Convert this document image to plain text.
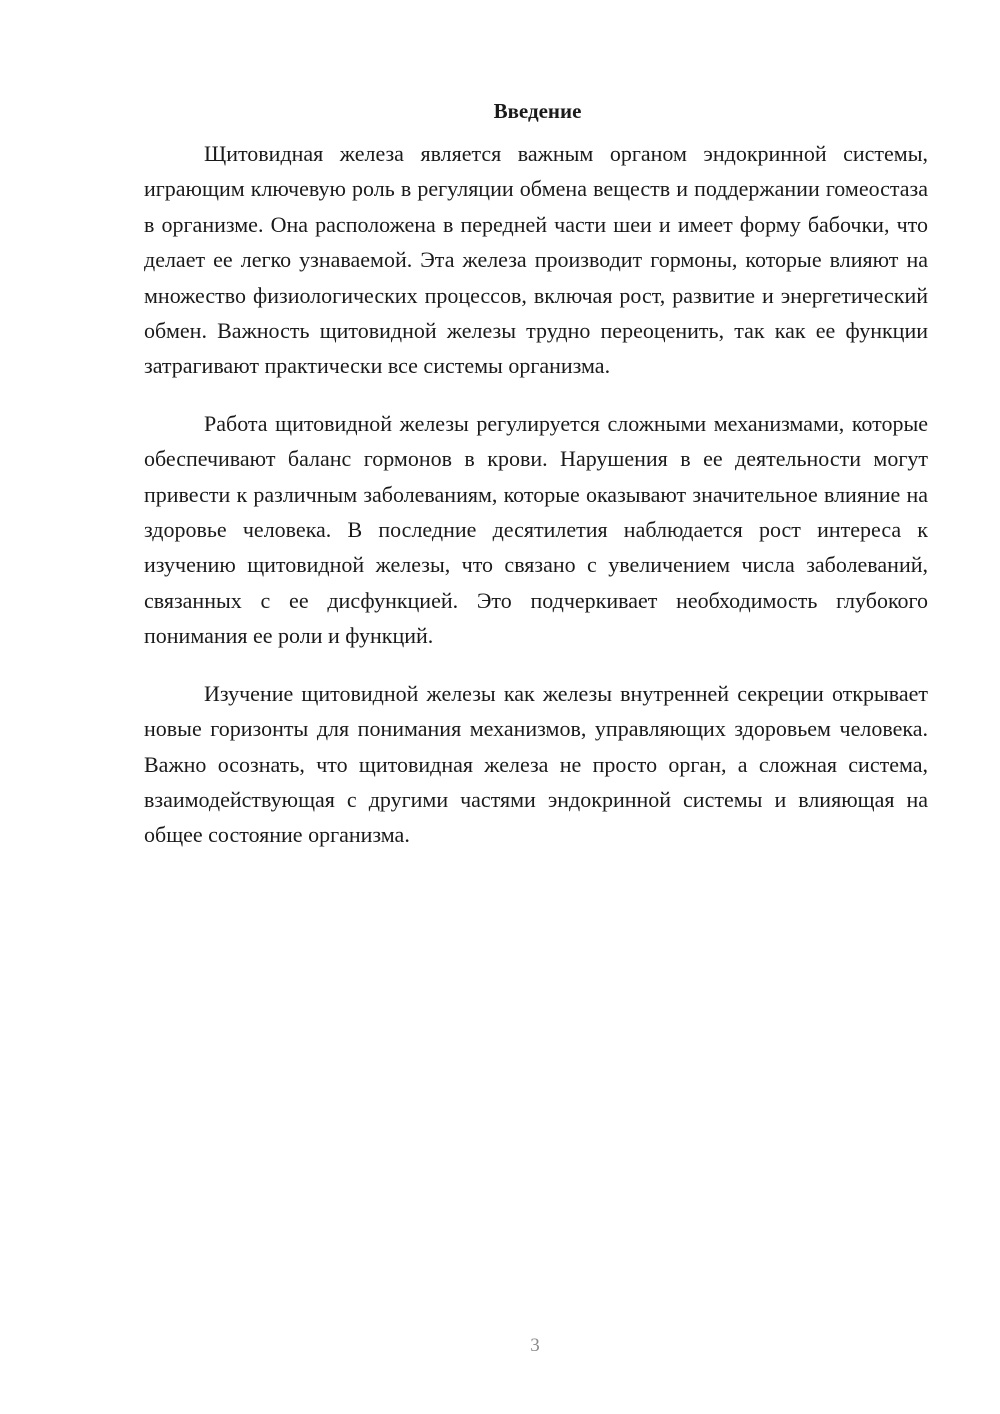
Введение

Щитовидная железа является важным органом эндокринной системы, играющим ключевую роль в регуляции обмена веществ и поддержании гомеостаза в организме. Она расположена в передней части шеи и имеет форму бабочки, что делает ее легко узнаваемой. Эта железа производит гормоны, которые влияют на множество физиологических процессов, включая рост, развитие и энергетический обмен. Важность щитовидной железы трудно переоценить, так как ее функции затрагивают практически все системы организма.

Работа щитовидной железы регулируется сложными механизмами, которые обеспечивают баланс гормонов в крови. Нарушения в ее деятельности могут привести к различным заболеваниям, которые оказывают значительное влияние на здоровье человека. В последние десятилетия наблюдается рост интереса к изучению щитовидной железы, что связано с увеличением числа заболеваний, связанных с ее дисфункцией. Это подчеркивает необходимость глубокого понимания ее роли и функций.

Изучение щитовидной железы как железы внутренней секреции открывает новые горизонты для понимания механизмов, управляющих здоровьем человека. Важно осознать, что щитовидная железа не просто орган, а сложная система, взаимодействующая с другими частями эндокринной системы и влияющая на общее состояние организма.

3
